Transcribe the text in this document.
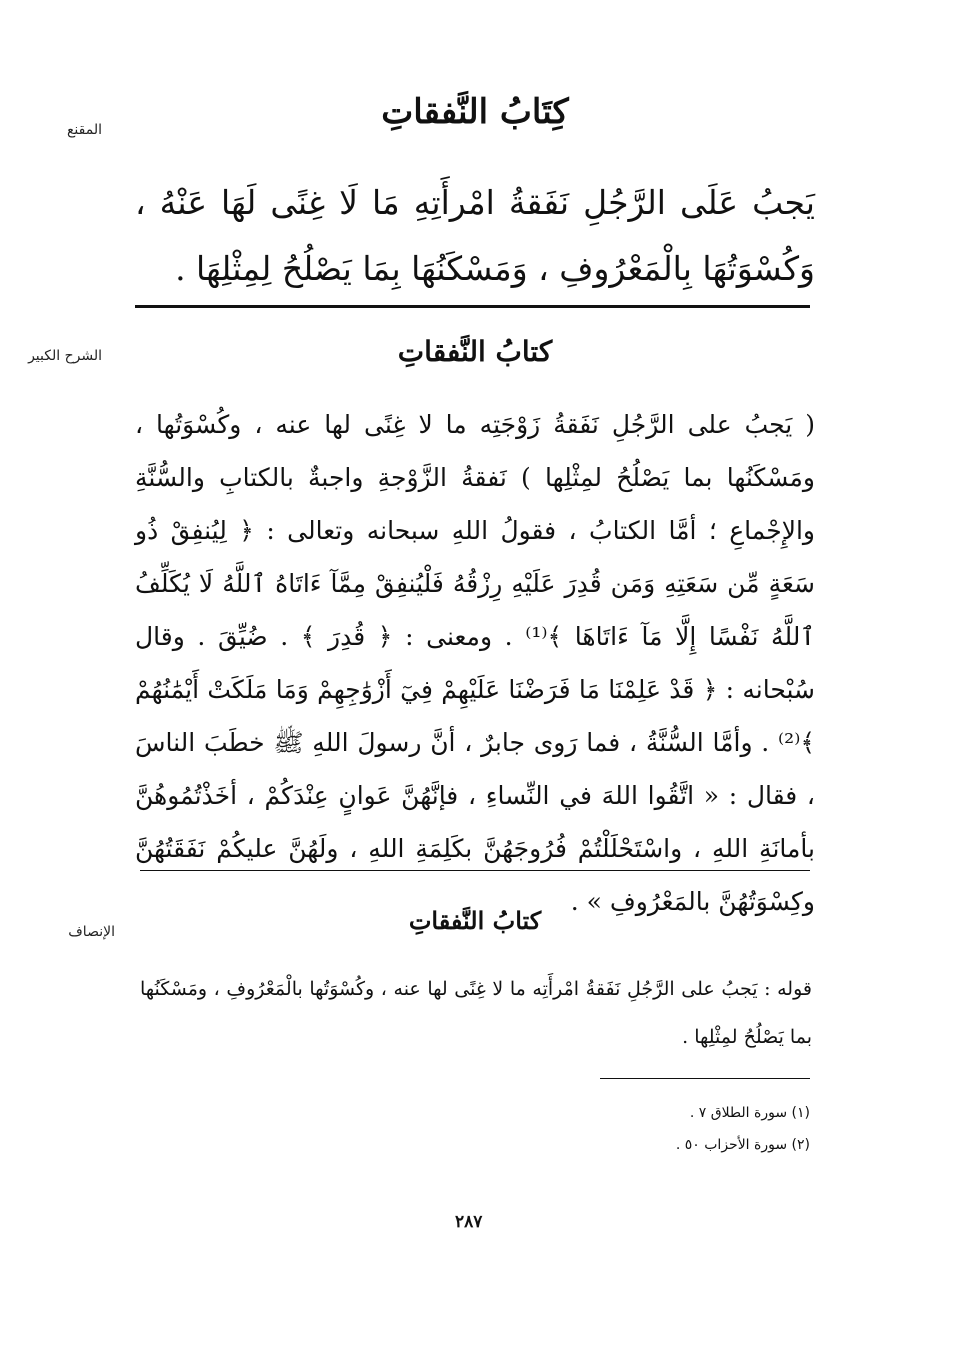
المقنع	كِتَابُ النَّفقاتِ
يَجبُ عَلَى الرَّجُلِ نَفَقةُ امْرأَتِهِ مَا لَا غِنًى لَهَا عَنْهُ ، وَكُسْوَتُهَا بِالْمَعْرُوفِ ، وَمَسْكَنُهَا بِمَا يَصْلُحُ لِمِثْلِهَا .
الشرح الكبير	كتابُ النَّفقاتِ
( يَجبُ على الرَّجُلِ نَفَقةُ زَوْجَتِه ما لا غِنًى لها عنه ، وكُسْوَتُها ، ومَسْكَنُها بما يَصْلُحُ لمِثْلِها ) نَفقةُ الزَّوْجةِ واجبةٌ بالكتابِ والسُّنَّةِ والإِجْماعِ ؛ أمَّا الكتابُ ، فقولُ اللهِ سبحانه وتعالى : ﴿ لِيُنفِقْ ذُو سَعَةٍ مِّن سَعَتِهِ وَمَن قُدِرَ عَلَيْهِ رِزْقُهُ فَلْيُنفِقْ مِمَّآ ءَاتَاهُ ٱللَّهُ لَا يُكَلِّفُ ٱللَّهُ نَفْسًا إِلَّا مَآ ءَاتَاهَا ﴾⁽¹⁾ . ومعنى : ﴿ قُدِرَ ﴾ . ضُيِّقَ . وقال سُبْحانه : ﴿ قَدْ عَلِمْنَا مَا فَرَضْنَا عَلَيْهِمْ فِيٓ أَزْوَٰجِهِمْ وَمَا مَلَكَتْ أَيْمَٰنُهُمْ ﴾⁽²⁾ . وأمَّا السُّنَّةُ ، فما رَوى جابرٌ ، أنَّ رسولَ اللهِ ﷺ خطَبَ الناسَ ، فقال : « اتَّقُوا اللهَ في النِّساءِ ، فإنَّهُنَّ عَوانٍ عِنْدَكُمْ ، أخَذْتُمُوهُنَّ بأمانَةِ اللهِ ، واسْتَحْلَلْتُمْ فُرُوجَهُنَّ بكَلِمَةِ اللهِ ، ولَهُنَّ عليكُمْ نَفَقَتُهُنَّ وكِسْوَتُهُنَّ بالمَعْرُوفِ » .
الإنصاف	كتابُ النَّفقاتِ
قوله : يَجبُ على الرَّجُلِ نَفَقةُ امْرأَتِه ما لا غِنًى لها عنه ، وكُسْوَتُها بالْمَعْرُوفِ ، ومَسْكَنُها بما يَصْلُحُ لمِثْلِها .
(١) سورة الطلاق ٧ .
(٢) سورة الأحزاب ٥٠ .
٢٨٧
